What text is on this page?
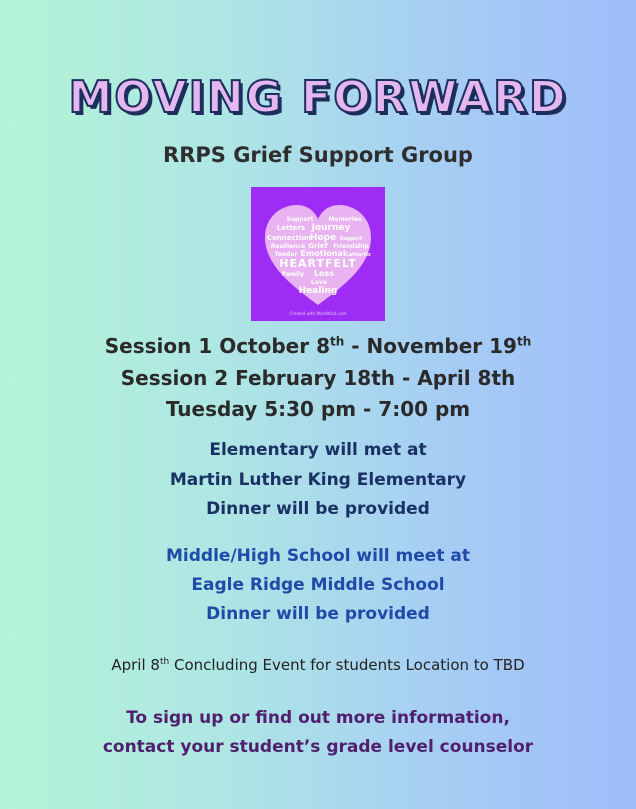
MOVING FORWARD
RRPS Grief Support Group
Support Memories
Letters Journey
Connection
Hope Support
Resilience Grief Friendship
Tender Emotional Cathartic
HEARTFELT
Family Loss
Love
Healing
Created with WordItOut.com
Session 1 October 8th - November 19th
Session 2 February 18th - April 8th
Tuesday 5:30 pm - 7:00 pm
Elementary will met at
Martin Luther King Elementary
Dinner will be provided
Middle/High School will meet at
Eagle Ridge Middle School
Dinner will be provided
April 8th Concluding Event for students Location to TBD
To sign up or find out more information,
contact your student’s grade level counselor
